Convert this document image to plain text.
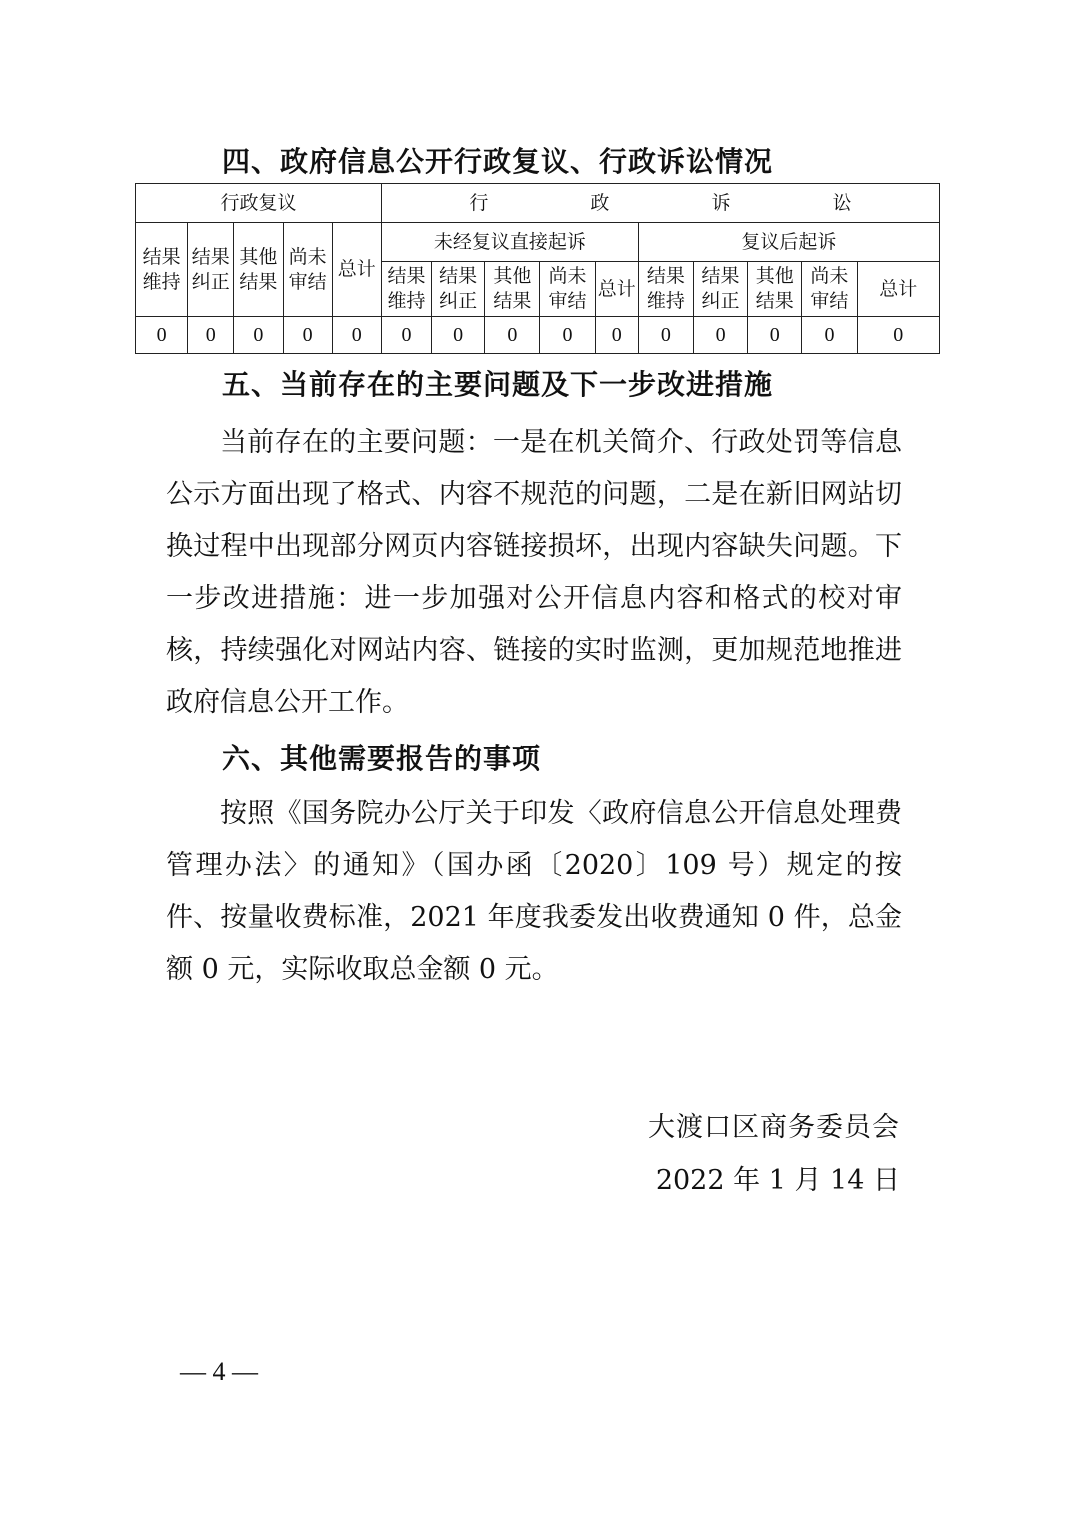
四、政府信息公开行政复议、行政诉讼情况
行政复议					行 政 诉 讼									
结果维持	结果纠正	其他结果	尚未审结	总计	未经复议直接起诉					复议后起诉				
					结果维持	结果纠正	其他结果	尚未审结	总计	结果维持	结果纠正	其他结果	尚未审结	总计
0	0	0	0	0	0	0	0	0	0	0	0	0	0	0
五、当前存在的主要问题及下一步改进措施
当前存在的主要问题：一是在机关简介、行政处罚等信息公示方面出现了格式、内容不规范的问题，二是在新旧网站切换过程中出现部分网页内容链接损坏，出现内容缺失问题。下一步改进措施：进一步加强对公开信息内容和格式的校对审核，持续强化对网站内容、链接的实时监测，更加规范地推进政府信息公开工作。
六、其他需要报告的事项
按照《国务院办公厅关于印发〈政府信息公开信息处理费管理办法〉的通知》（国办函〔2020〕109 号）规定的按件、按量收费标准，2021 年度我委发出收费通知 0 件，总金额 0 元，实际收取总金额 0 元。
大渡口区商务委员会
2022 年 1 月 14 日
— 4 —
